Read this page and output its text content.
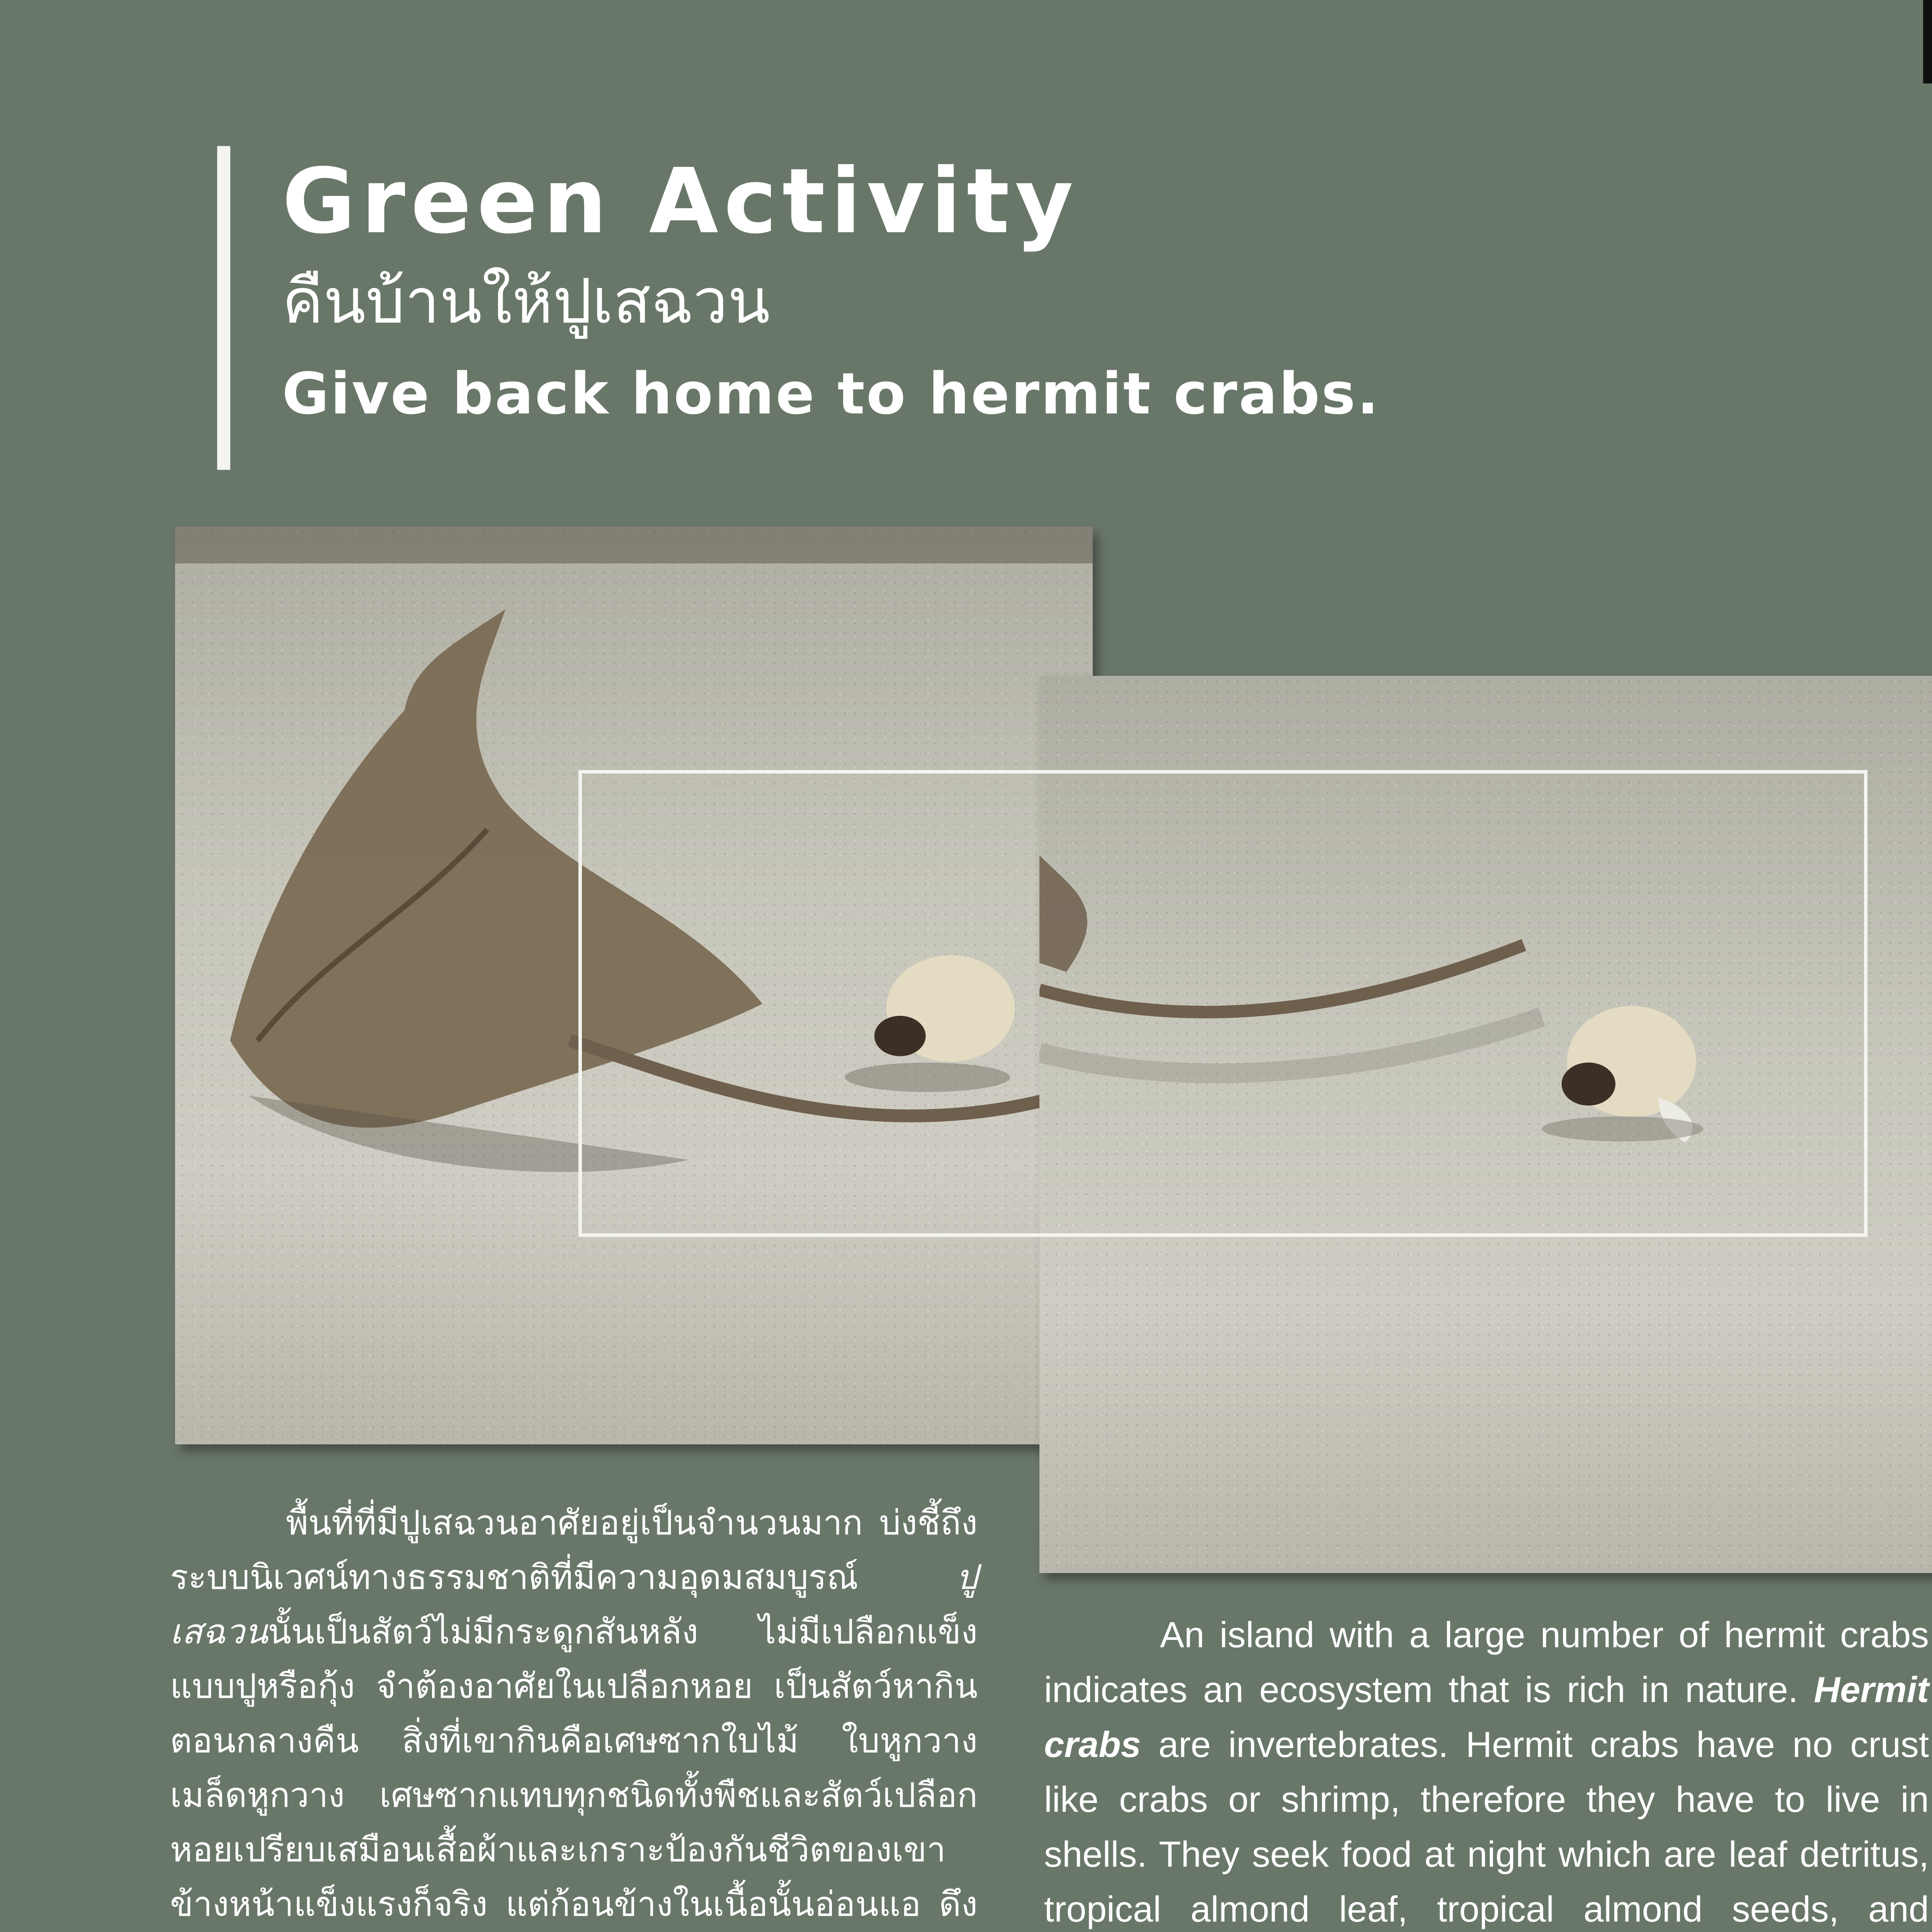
Green Activity
คืนบ้านให้ปูเสฉวน
Give back home to hermit crabs.

พื้นที่ที่มีปูเสฉวนอาศัยอยู่เป็นจำนวนมาก บ่งชี้ถึงระบบนิเวศน์ทางธรรมชาติที่มีความอุดมสมบูรณ์ ปูเสฉวนนั้นเป็นสัตว์ไม่มีกระดูกสันหลัง ไม่มีเปลือกแข็งแบบปูหรือกุ้ง จำต้องอาศัยในเปลือกหอย เป็นสัตว์หากินตอนกลางคืน สิ่งที่เขากินคือเศษซากใบไม้ ใบหูกวาง เมล็ดหูกวาง เศษซากแทบทุกชนิดทั้งพืชและสัตว์เปลือกหอยเปรียบเสมือนเสื้อผ้าและเกราะป้องกันชีวิตของเขาข้างหน้าแข็งแรงก็จริง แต่ก้อนข้างในเนื้อนั้นอ่อนแอ ดึง

An island with a large number of hermit crabs indicates an ecosystem that is rich in nature. Hermit crabs are invertebrates. Hermit crabs have no crust like crabs or shrimp, therefore they have to live in shells. They seek food at night which are leaf detritus, tropical almond leaf, tropical almond seeds, and
